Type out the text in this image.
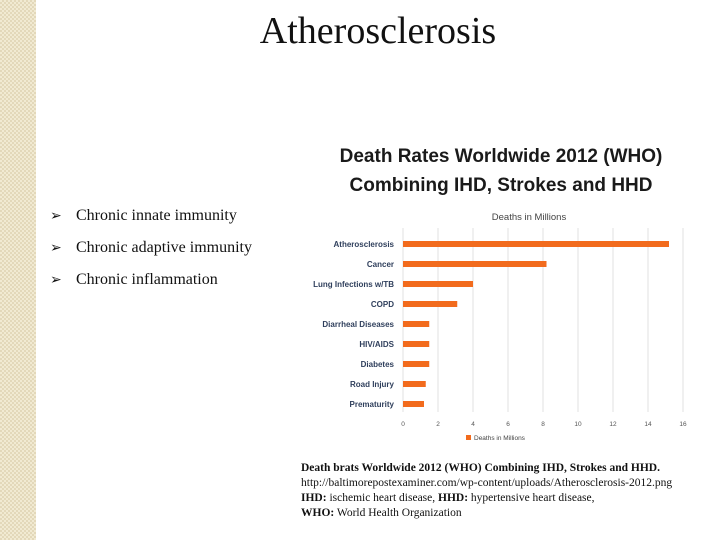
Atherosclerosis
➢ Chronic innate immunity
➢ Chronic adaptive immunity
➢ Chronic inflammation
Death Rates Worldwide 2012 (WHO)
Combining IHD, Strokes and HHD
Deaths in Millions
0	2	4	6	8	10	12	14	16
Atherosclerosis
Cancer
Lung Infections w/TB
COPD
Diarrheal Diseases
HIV/AIDS
Diabetes
Road Injury
Prematurity
Deaths in Millions
Death brats Worldwide 2012 (WHO) Combining IHD, Strokes and HHD.
http://baltimorepostexaminer.com/wp-content/uploads/Atherosclerosis-2012.png
IHD: ischemic heart disease, HHD: hypertensive heart disease,
WHO: World Health Organization
